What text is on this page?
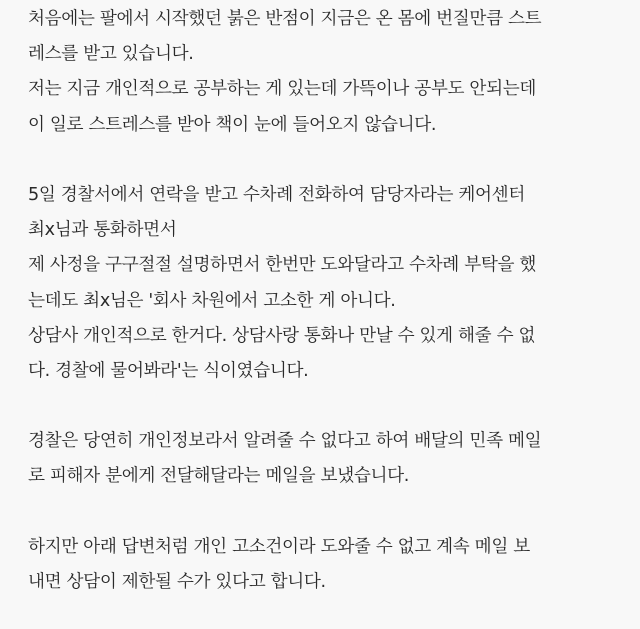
처음에는 팔에서 시작했던 붉은 반점이 지금은 온 몸에 번질만큼 스트
레스를 받고 있습니다.
저는 지금 개인적으로 공부하는 게 있는데 가뜩이나 공부도 안되는데
이 일로 스트레스를 받아 책이 눈에 들어오지 않습니다.
5일 경찰서에서 연락을 받고 수차례 전화하여 담당자라는 케어센터
최x님과 통화하면서
제 사정을 구구절절 설명하면서 한번만 도와달라고 수차례 부탁을 했
는데도 최x님은 '회사 차원에서 고소한 게 아니다.
상담사 개인적으로 한거다. 상담사랑 통화나 만날 수 있게 해줄 수 없
다. 경찰에 물어봐라'는 식이였습니다.
경찰은 당연히 개인정보라서 알려줄 수 없다고 하여 배달의 민족 메일
로 피해자 분에게 전달해달라는 메일을 보냈습니다.
하지만 아래 답변처럼 개인 고소건이라 도와줄 수 없고 계속 메일 보
내면 상담이 제한될 수가 있다고 합니다.
